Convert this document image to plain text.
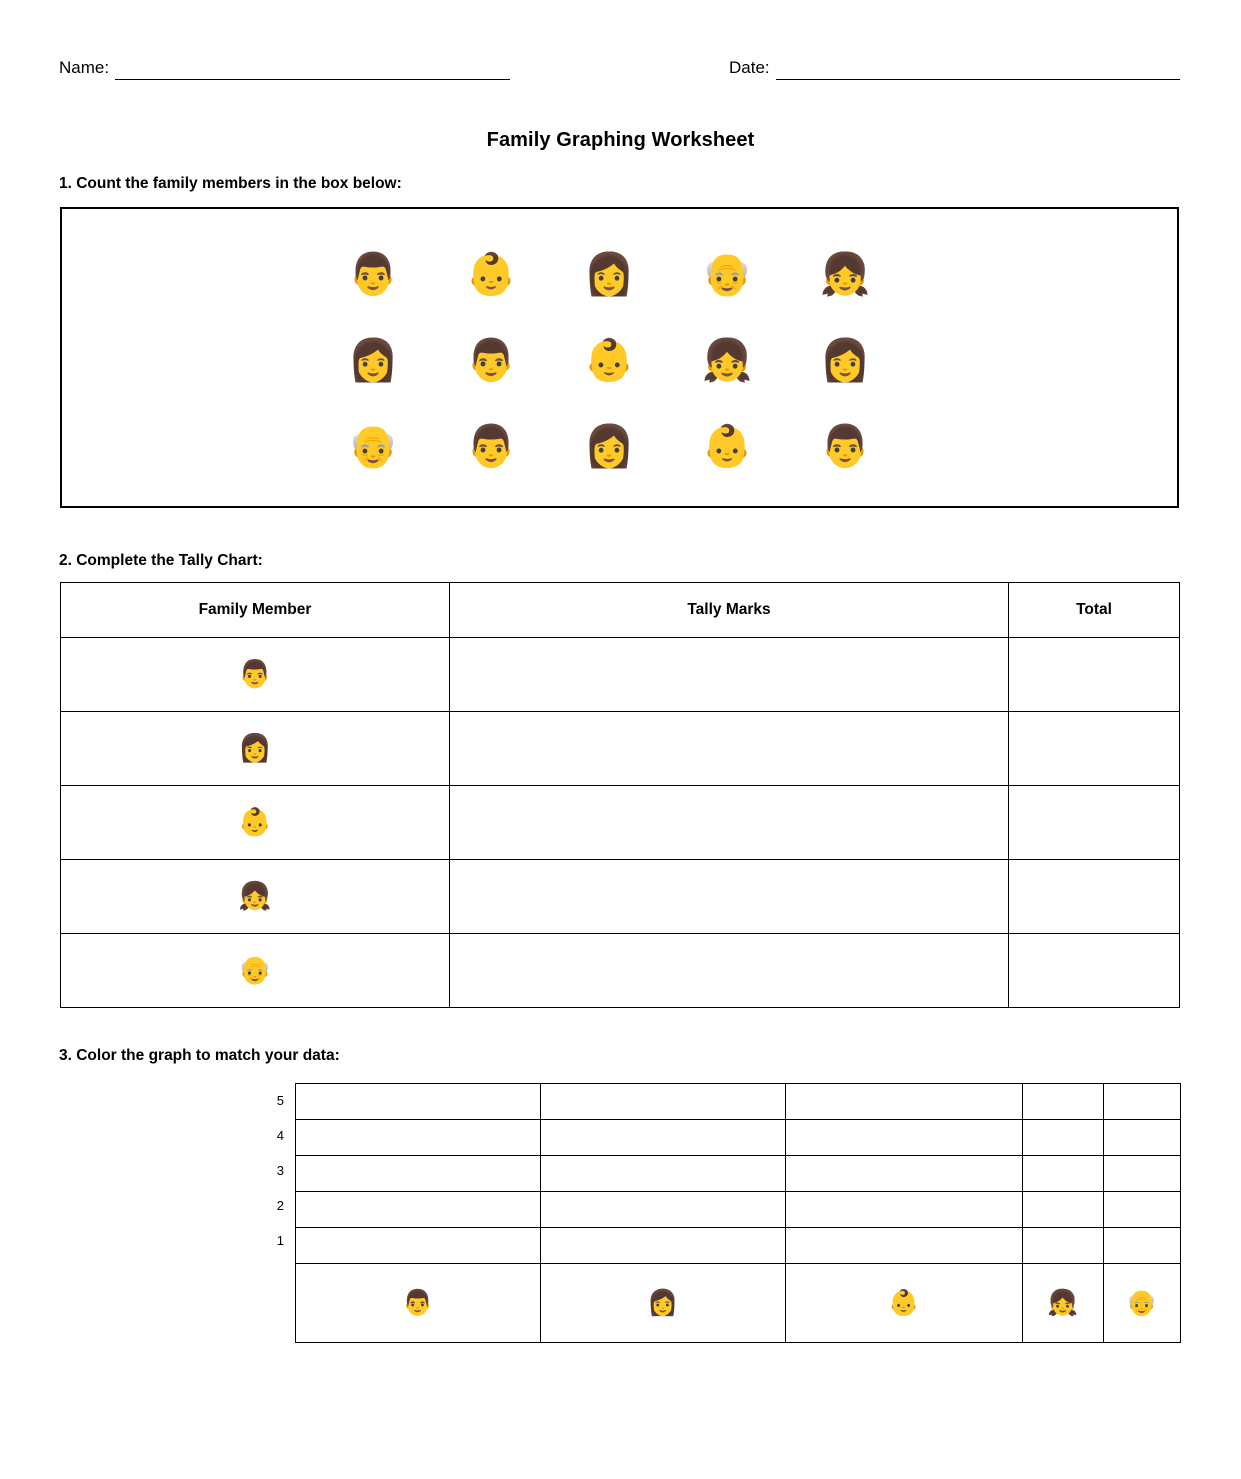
Name:	Date:
Family Graphing Worksheet
1. Count the family members in the box below:
👨	👶	👩	👴	👧
👩	👨	👶	👧	👩
👴	👨	👩	👶	👨
2. Complete the Tally Chart:
Family Member	Tally Marks	Total
👨		
👩		
👶		
👧		
👴		
3. Color the graph to match your data:
5
4
3
2
1

👨	👩	👶	👧	👴
